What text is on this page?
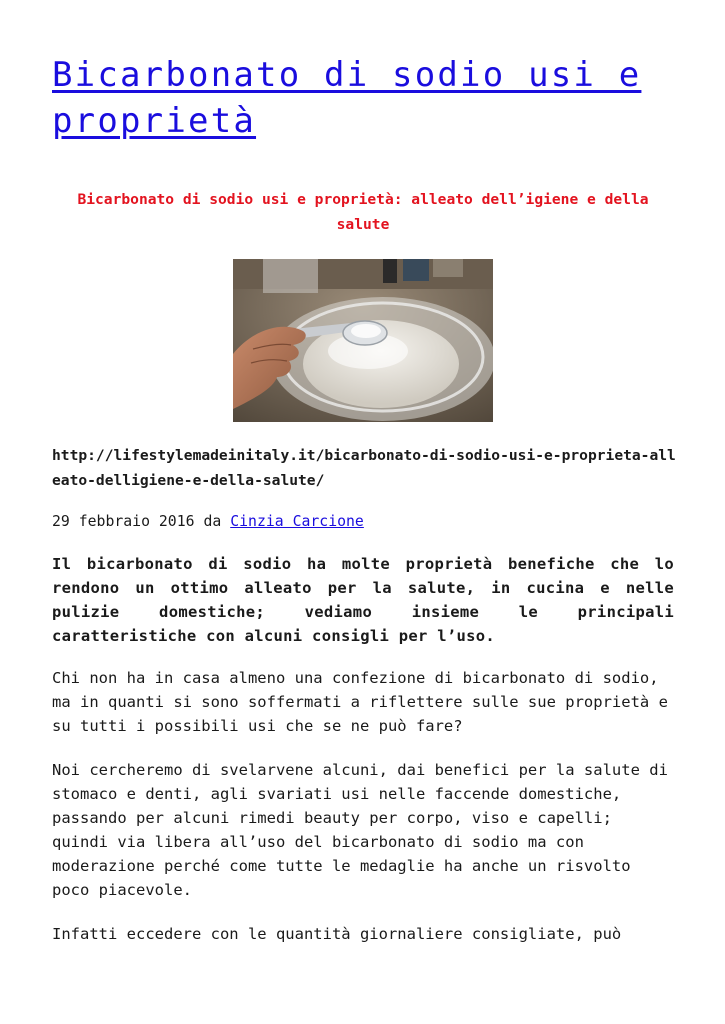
Bicarbonato di sodio usi e proprietà

Bicarbonato di sodio usi e proprietà: alleato dell’igiene e della salute

http://lifestylemadeinitaly.it/bicarbonato-di-sodio-usi-e-proprieta-alleato-delligiene-e-della-salute/

29 febbraio 2016 da Cinzia Carcione

Il bicarbonato di sodio ha molte proprietà benefiche che lo rendono un ottimo alleato per la salute, in cucina e nelle pulizie domestiche; vediamo insieme le principali caratteristiche con alcuni consigli per l’uso.

Chi non ha in casa almeno una confezione di bicarbonato di sodio, ma in quanti si sono soffermati a riflettere sulle sue proprietà e su tutti i possibili usi che se ne può fare?

Noi cercheremo di svelarvene alcuni, dai benefici per la salute di stomaco e denti, agli svariati usi nelle faccende domestiche, passando per alcuni rimedi beauty per corpo, viso e capelli; quindi via libera all’uso del bicarbonato di sodio ma con moderazione perché come tutte le medaglie ha anche un risvolto poco piacevole.

Infatti eccedere con le quantità giornaliere consigliate, può
